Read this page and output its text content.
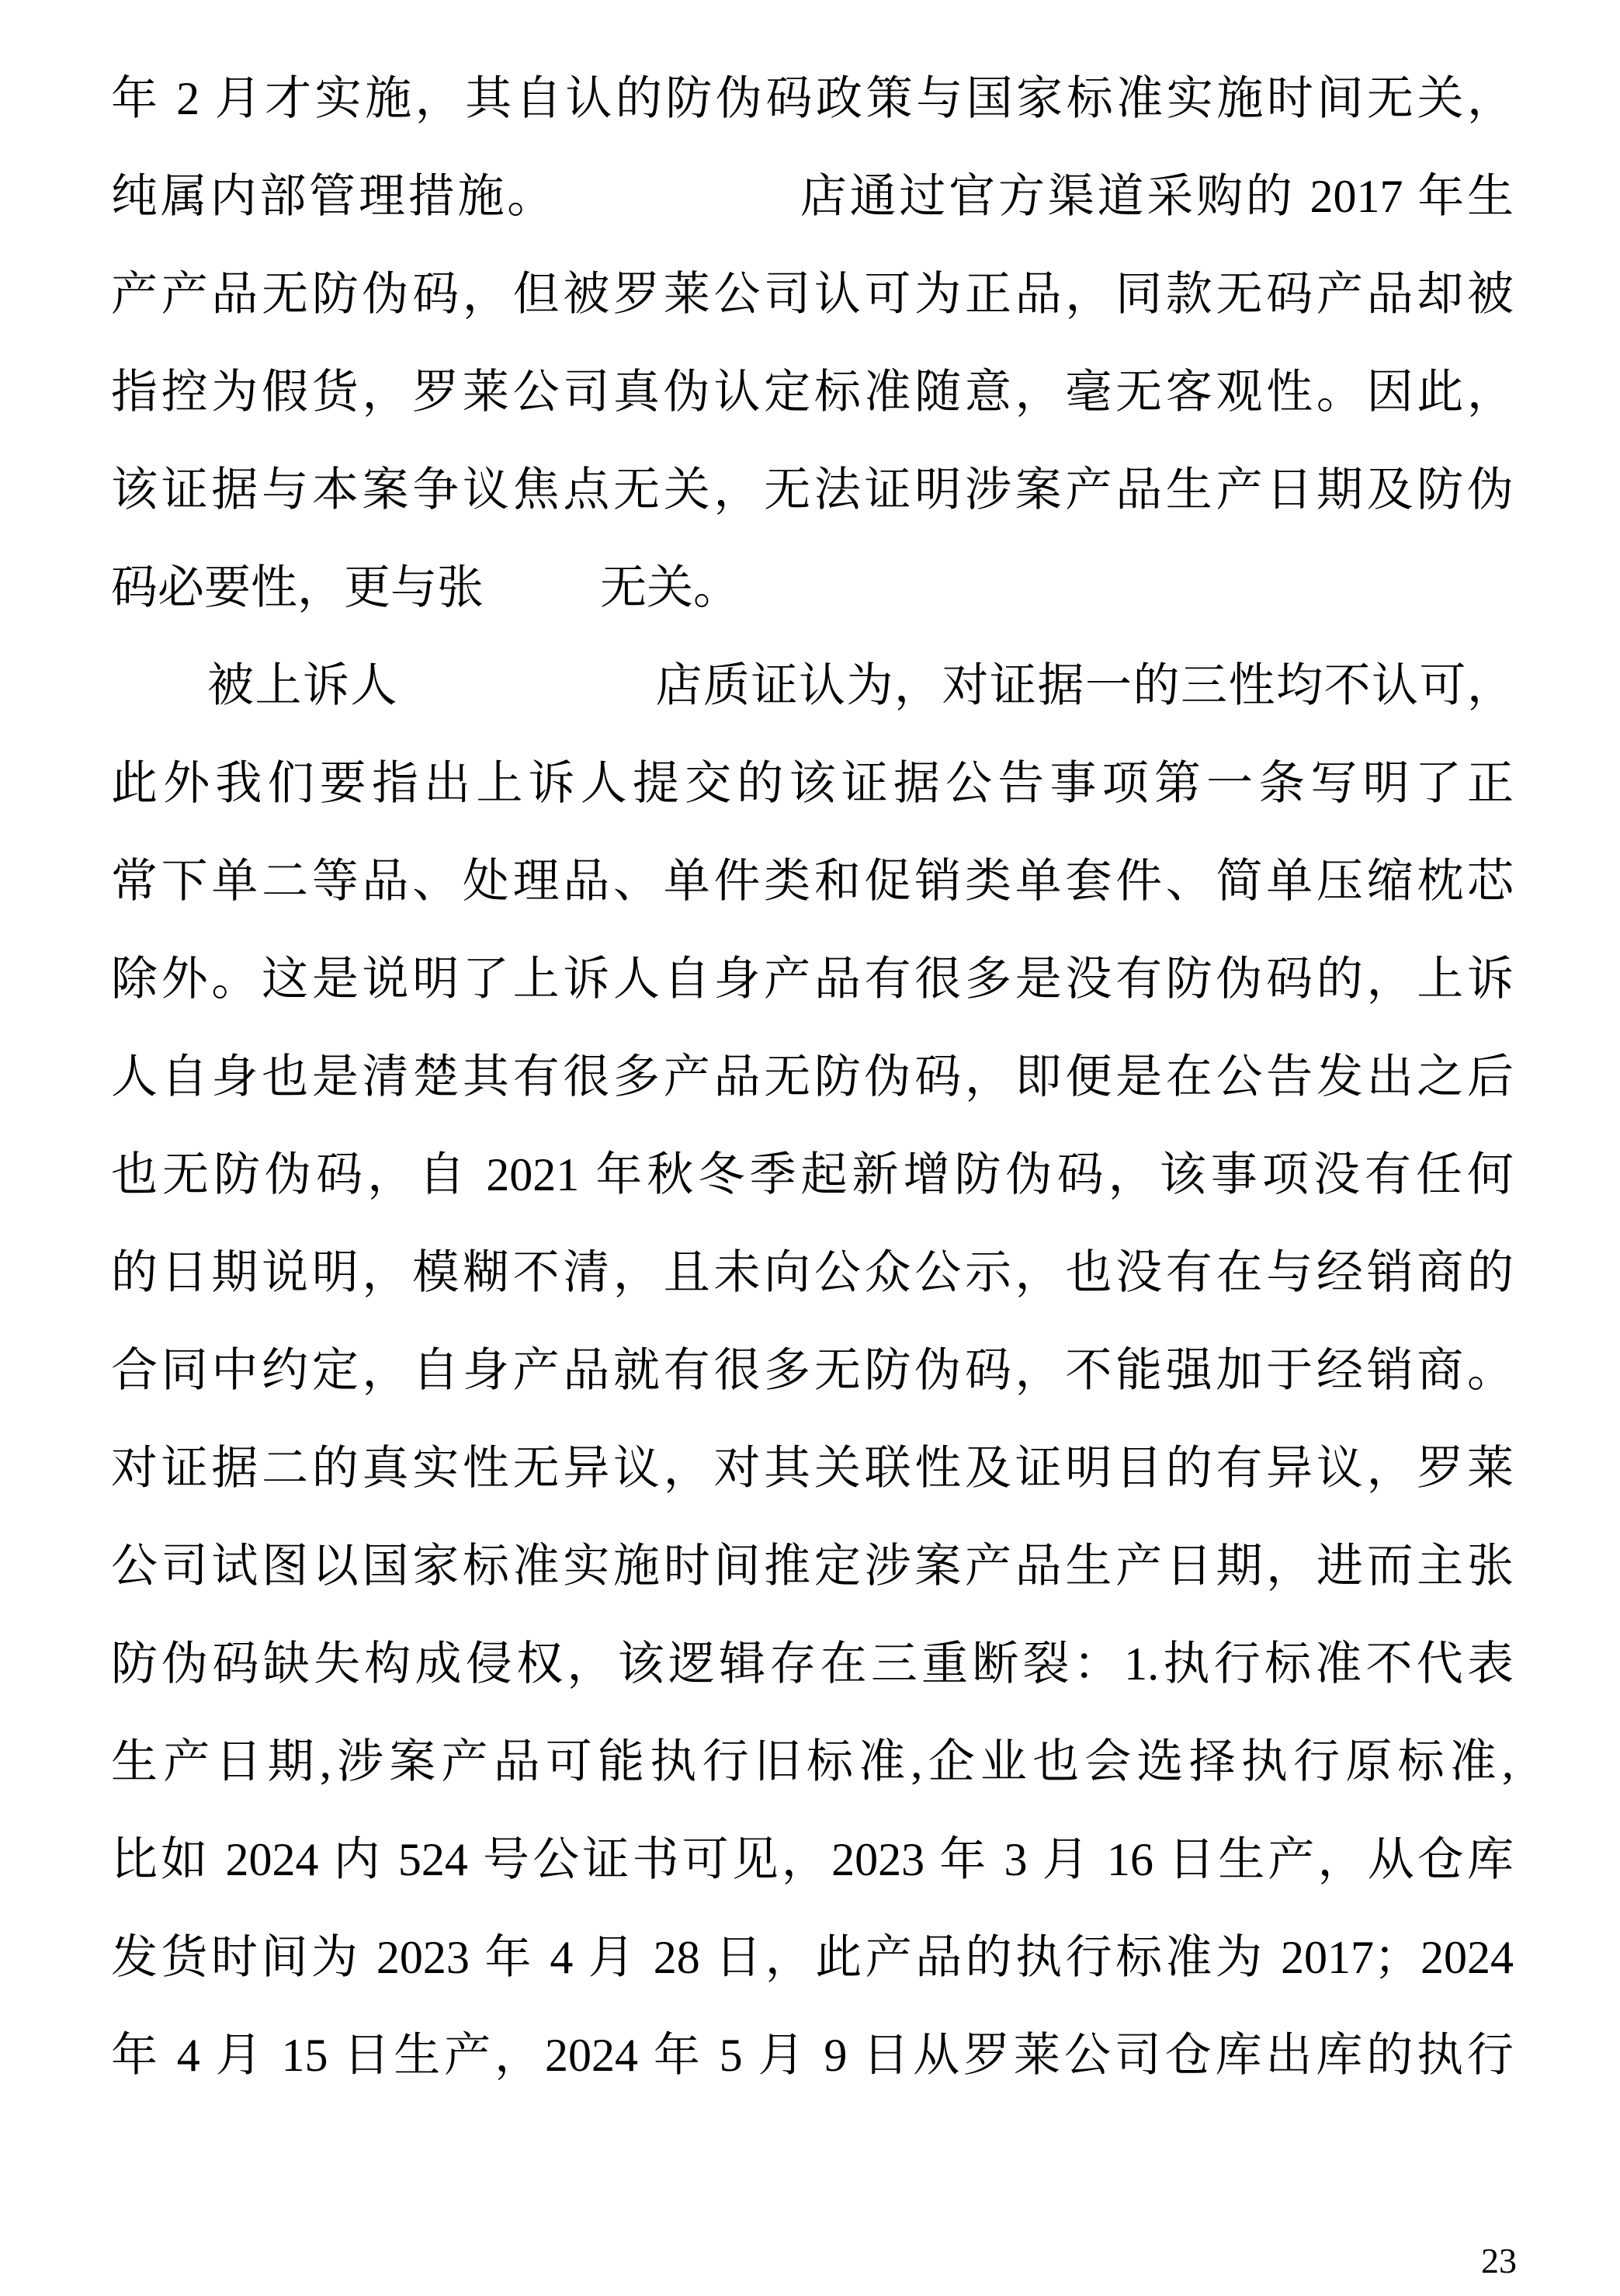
年 2 月才实施，其自认的防伪码政策与国家标准实施时间无关，
纯属内部管理措施。	店通过官方渠道采购的 2017 年生
产产品无防伪码，但被罗莱公司认可为正品，同款无码产品却被
指控为假货，罗莱公司真伪认定标准随意，毫无客观性。因此，
该证据与本案争议焦点无关，无法证明涉案产品生产日期及防伪
码必要性，更与张	无关。
被上诉人	店质证认为，对证据一的三性均不认可，
此外我们要指出上诉人提交的该证据公告事项第一条写明了正
常下单二等品、处理品、单件类和促销类单套件、简单压缩枕芯
除外。这是说明了上诉人自身产品有很多是没有防伪码的，上诉
人自身也是清楚其有很多产品无防伪码，即便是在公告发出之后
也无防伪码，自 2021 年秋冬季起新增防伪码，该事项没有任何
的日期说明，模糊不清，且未向公众公示，也没有在与经销商的
合同中约定，自身产品就有很多无防伪码，不能强加于经销商。
对证据二的真实性无异议，对其关联性及证明目的有异议，罗莱
公司试图以国家标准实施时间推定涉案产品生产日期，进而主张
防伪码缺失构成侵权，该逻辑存在三重断裂：1.执行标准不代表
生产日期,涉案产品可能执行旧标准,企业也会选择执行原标准,
比如 2024 内 524 号公证书可见，2023 年 3 月 16 日生产，从仓库
发货时间为 2023 年 4 月 28 日，此产品的执行标准为 2017；2024
年 4 月 15 日生产，2024 年 5 月 9 日从罗莱公司仓库出库的执行
23
